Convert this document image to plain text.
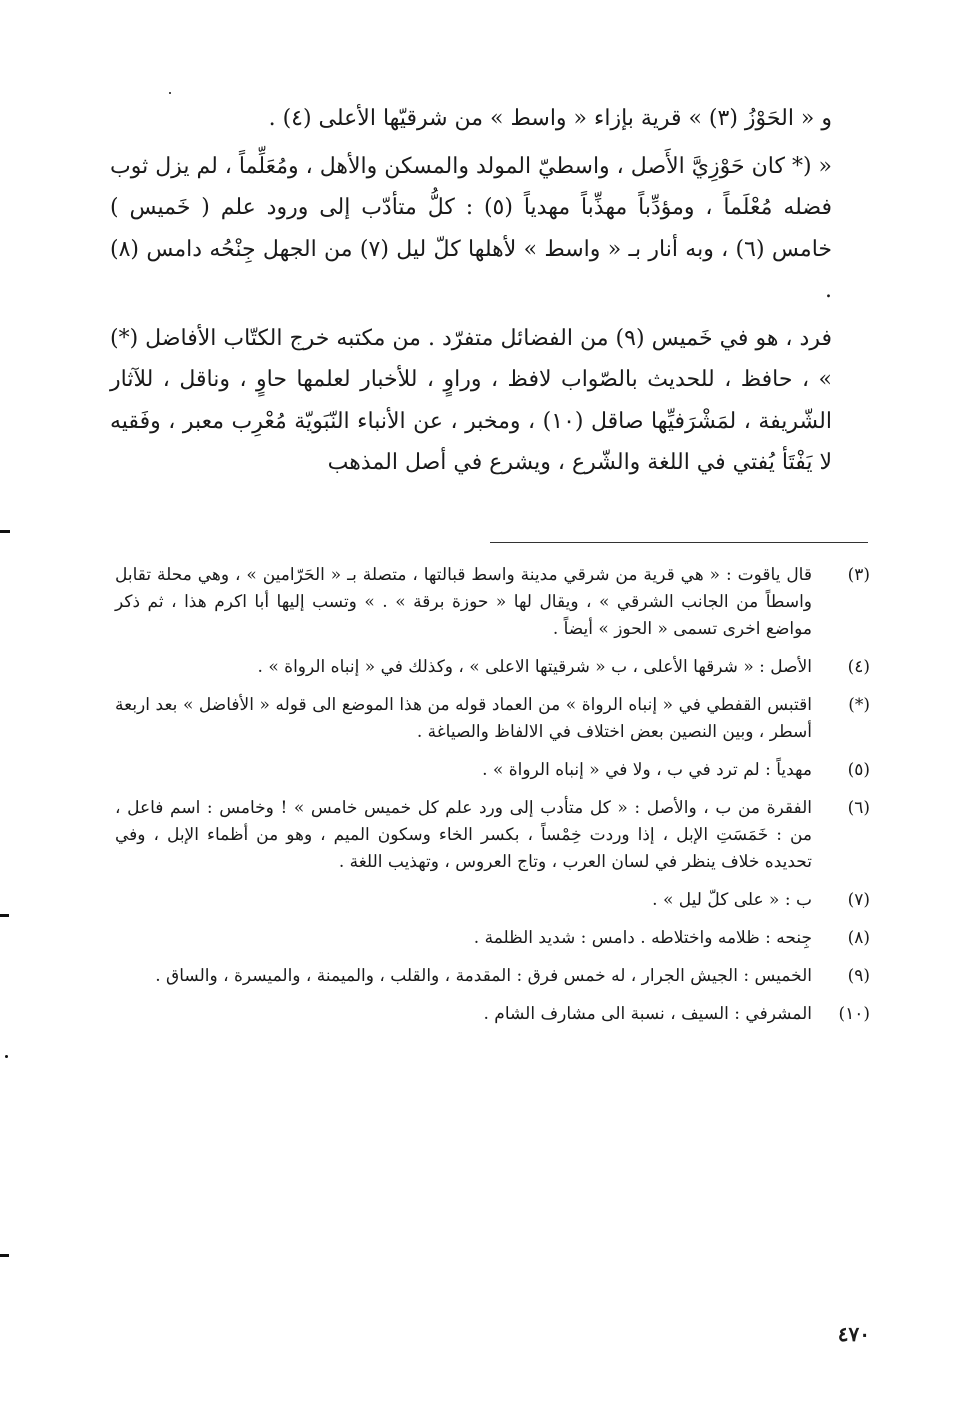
و « الحَوْزُ (٣) » قرية بإزاء « واسط » من شرقيّها الأعلى (٤) .

« (* كان حَوْزِيَّ الأَصل ، واسطيّ المولد والمسكن والأهل ، ومُعَلِّماً ، لم يزل ثوب فضله مُعْلَماً ، ومؤدِّباً مهذِّباً مهدياً (٥) : كلُّ متأدّب إلى ورود علم ( خَميس ) خامس (٦) ، وبه أنار بـ « واسط » لأهلها كلّ ليل (٧) من الجهل جِنْحُه دامس (٨) .

فرد ، هو في خَميس (٩) من الفضائل متفرّد . من مكتبه خرج الكتّاب الأفاضل (*) » ، حافظ ، للحديث بالصّواب لافظ ، وراوٍ ، للأخبار لعلمها حاوٍ ، وناقل ، للآثار الشّريفة ، لمَشْرَفيِّها صاقل (١٠) ، ومخبر ، عن الأنباء النّبَويّة مُعْرِب معبر ، وفَقيه لا يَفْتَأ يُفتي في اللغة والشّرع ، ويشرع في أصل المذهب

(٣)
قال ياقوت : « هي قرية من شرقي مدينة واسط قبالتها ، متصلة بـ « الحَرّامين » ، وهي محلة تقابل واسطاً من الجانب الشرقي » ، ويقال لها « حوزة برقة » . » وتسب إليها أبا اكرم هذا ، ثم ذكر مواضع اخرى تسمى « الحوز » أيضاً .
(٤)
الأصل : « شرقها الأعلى ، ب « شرقيتها الاعلى » ، وكذلك في « إنباه الرواة » .
(*)
اقتبس القفطي في « إنباه الرواة » من العماد قوله من هذا الموضع الى قوله « الأفاضل » بعد اربعة أسطر ، وبين النصين بعض اختلاف في الالفاظ والصياغة .
(٥)
مهدياً : لم ترد في ب ، ولا في « إنباه الرواة » .
(٦)
الفقرة من ب ، والأصل : « كل متأدب إلى ورد علم كل خميس خامس » ! وخامس : اسم فاعل ، من : خَمَسَتِ الإبل ، إذا وردت خِمْساً ، بكسر الخاء وسكون الميم ، وهو من أظماء الإبل ، وفي تحديده خلاف ينظر في لسان العرب ، وتاج العروس ، وتهذيب اللغة .
(٧)
ب : « على كلّ ليل » .
(٨)
جِنحه : ظلامه واختلاطه . دامس : شديد الظلمة .
(٩)
الخميس : الجيش الجرار ، له خمس فرق : المقدمة ، والقلب ، والميمنة ، والميسرة ، والساق .
(١٠)
المشرفي : السيف ، نسبة الى مشارف الشام .
٤٧٠
